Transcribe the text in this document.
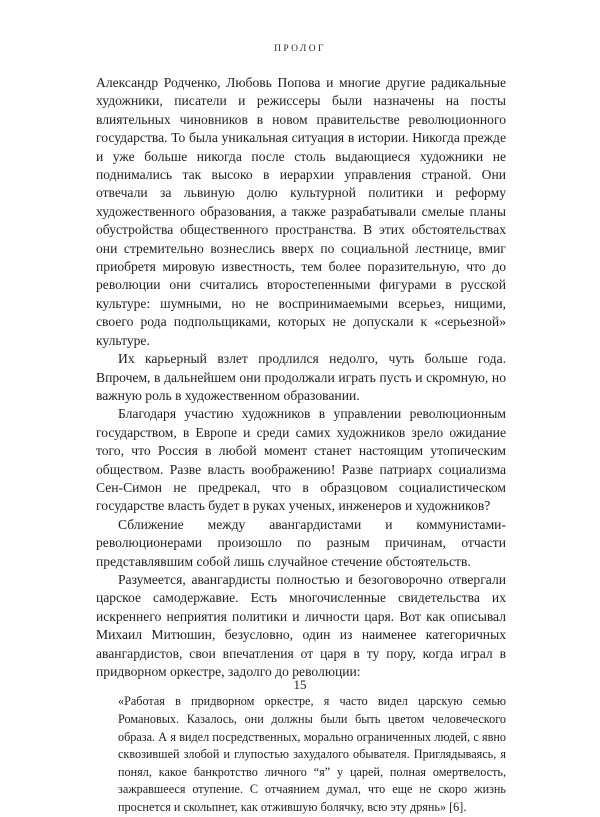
ПРОЛОГ

Александр Родченко, Любовь Попова и многие другие радикальные художники, писатели и режиссеры были назначены на посты влиятельных чиновников в новом правительстве революционного государства. То была уникальная ситуация в истории. Никогда прежде и уже больше никогда после столь выдающиеся художники не поднимались так высоко в иерархии управления страной. Они отвечали за львиную долю культурной политики и реформу художественного образования, а также разрабатывали смелые планы обустройства общественного пространства. В этих обстоятельствах они стремительно вознеслись вверх по социальной лестнице, вмиг приобретя мировую известность, тем более поразительную, что до революции они считались второстепенными фигурами в русской культуре: шумными, но не воспринимаемыми всерьез, нищими, своего рода подпольщиками, которых не допускали к «серьезной» культуре.

Их карьерный взлет продлился недолго, чуть больше года. Впрочем, в дальнейшем они продолжали играть пусть и скромную, но важную роль в художественном образовании.

Благодаря участию художников в управлении революционным государством, в Европе и среди самих художников зрело ожидание того, что Россия в любой момент станет настоящим утопическим обществом. Разве власть воображению! Разве патриарх социализма Сен-Симон не предрекал, что в образцовом социалистическом государстве власть будет в руках ученых, инженеров и художников?

Сближение между авангардистами и коммунистами-революционерами произошло по разным причинам, отчасти представлявшим собой лишь случайное стечение обстоятельств.

Разумеется, авангардисты полностью и безоговорочно отвергали царское самодержавие. Есть многочисленные свидетельства их искреннего неприятия политики и личности царя. Вот как описывал Михаил Митюшин, безусловно, один из наименее категоричных авангардистов, свои впечатления от царя в ту пору, когда играл в придворном оркестре, задолго до революции:

«Работая в придворном оркестре, я часто видел царскую семью Романовых. Казалось, они должны были быть цветом человеческого образа. А я видел посредственных, морально ограниченных людей, с явно сквозившей злобой и глупостью захудалого обывателя. Приглядываясь, я понял, какое банкротство личного “я” у царей, полная омертвелость, зажравшееся отупение. С отчаянием думал, что еще не скоро жизнь проснется и скольпнет, как отжившую болячку, всю эту дрянь» [6].

15
